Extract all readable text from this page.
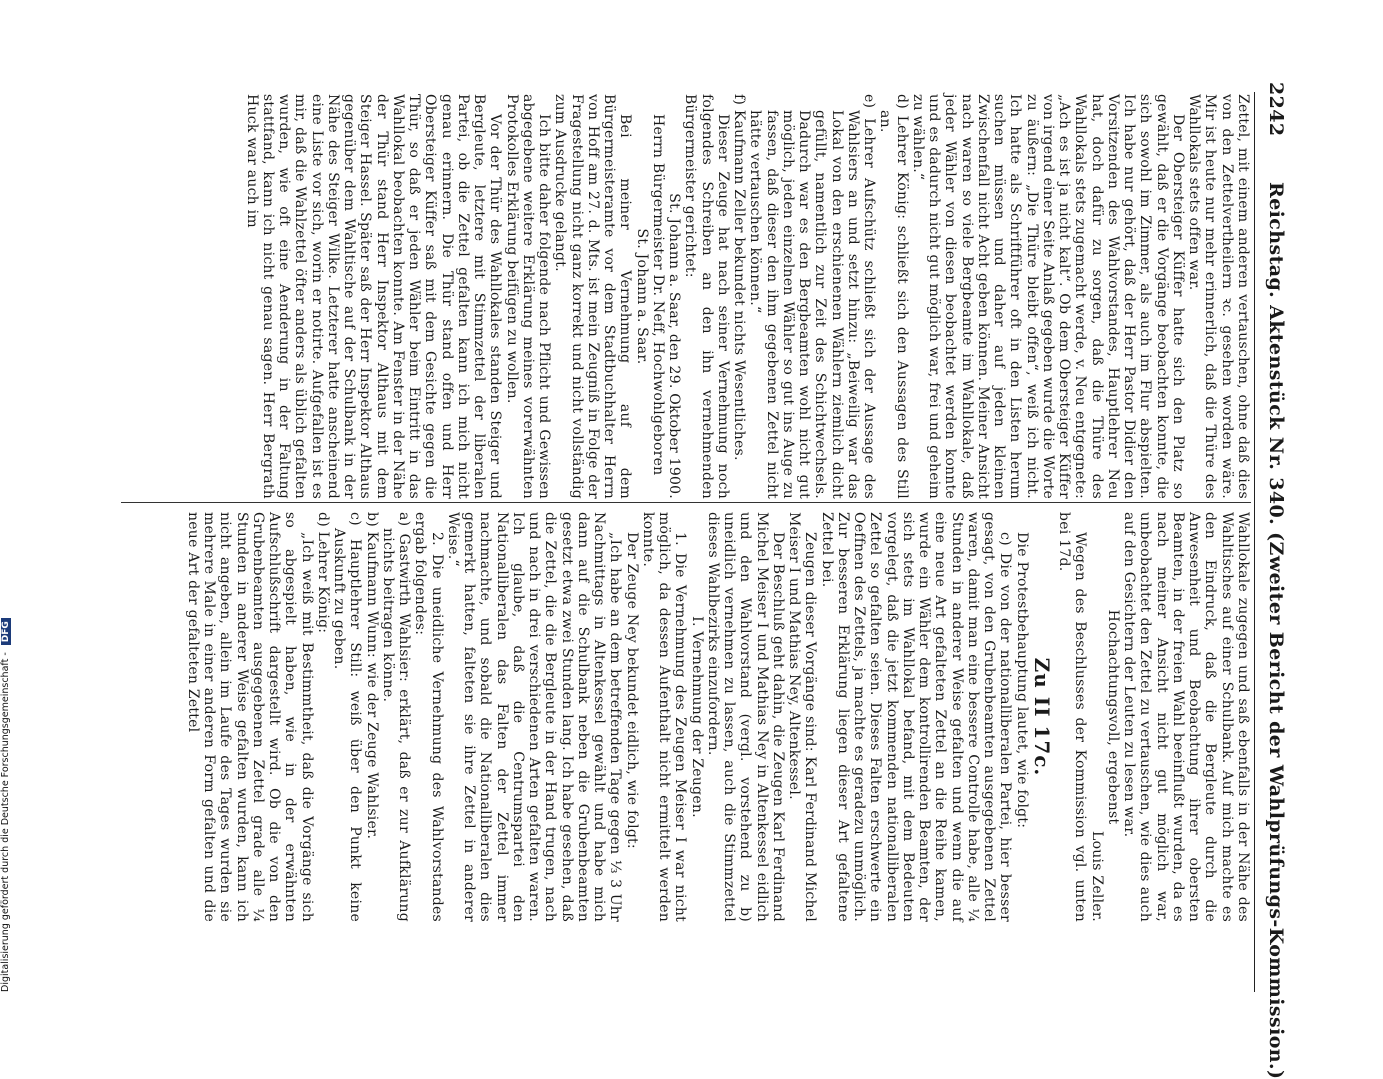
2242
Reichstag. Aktenstück Nr. 340. (Zweiter Bericht der Wahlprüfungs-Kommission.)

Zettel, mit einem anderen vertauschen, ohne daß dies von den Zettelvertheilern ꝛc. gesehen worden wäre. Mir ist heute nur mehr erinnerlich, daß die Thüre des Wahllokals stets offen war.

Der Obersteiger Küffer hatte sich den Platz so gewählt, daß er die Vorgänge beobachten konnte, die sich sowohl im Zimmer, als auch im Flur abspielten. Ich habe nur gehört, daß der Herr Pastor Didier den Vorsitzenden des Wahlvorstandes, Hauptlehrer Neu hat, doch dafür zu sorgen, daß die Thüre des Wahllokals stets zugemacht werde, v. Neu entgegnete: „Ach es ist ja nicht kalt“. Ob dem Obersteiger Küffer von irgend einer Seite Anlaß gegeben wurde die Worte zu äußern: „Die Thüre bleibt offen“, weiß ich nicht. Ich hatte als Schriftführer oft in den Listen herum suchen müssen und daher auf jeden kleinen Zwischenfall nicht Acht geben können. Meiner Ansicht nach waren so viele Bergbeamte im Wahllokale, daß jeder Wähler von diesen beobachtet werden konnte und es dadurch nicht gut möglich war, frei und geheim zu wählen.“

d) Lehrer König: schließt sich den Aussagen des Still an.

e) Lehrer Aufschütz schließt sich der Aussage des Wahlsiers an und setzt hinzu: „Beiweilig war das Lokal von den erschienenen Wählern ziemlich dicht gefüllt, namentlich zur Zeit des Schichtwechsels. Dadurch war es den Bergbeamten wohl nicht gut möglich, jeden einzelnen Wähler so gut ins Auge zu fassen, daß dieser den ihm gegebenen Zettel nicht hätte vertauschen können.“

f) Kaufmann Zeller bekundet nichts Wesentliches.

Dieser Zeuge hat nach seiner Vernehmung noch folgendes Schreiben an den ihn vernehmenden Bürgermeister gerichtet:

St. Johann a. Saar, den 29. Oktober 1900.

Herrn Bürgermeister Dr. Neff, Hochwohlgeboren

St. Johann a. Saar.

Bei meiner Vernehmung auf dem Bürgermeisteramte vor dem Stadtbuchhalter Herrn von Hoff am 27. d. Mts. ist mein Zeugniß in Folge der Fragestellung nicht ganz korrekt und nicht vollständig zum Ausdrucke gelangt.

Ich bitte daher folgende nach Pflicht und Gewissen abgegebene weitere Erklärung meines vorerwähnten Protokolles Erklärung beifügen zu wollen.

Vor der Thür des Wahllokales standen Steiger und Bergleute, letztere mit Stimmzettel der liberalen Partei, ob die Zettel gefalten kann ich mich nicht genau erinnern. Die Thür stand offen und Herr Obersteiger Küffer saß mit dem Gesichte gegen die Thür, so daß er jeden Wähler beim Eintritt in das Wahllokal beobachten konnte. Am Fenster in der Nähe der Thür stand Herr Inspektor Althaus mit dem Steiger Hassel. Später saß der Herr Inspektor Althaus gegenüber dem Wahltische auf der Schulbank in der Nähe des Steiger Wilke. Letzterer hatte anscheinend eine Liste vor sich, worin er notirte. Aufgefallen ist es mir, daß die Wahlzettel öfter anders als üblich gefalten wurden, wie oft eine Aenderung in der Faltung stattfand, kann ich nicht genau sagen. Herr Bergrath Huck war auch im

Wahllokale zugegen und saß ebenfalls in der Nähe des Wahltisches auf einer Schulbank. Auf mich machte es den Eindruck, daß die Bergleute durch die Anwesenheit und Beobachtung ihrer obersten Beamten, in der freien Wahl beeinflußt wurden, da es nach meiner Ansicht nicht gut möglich war, unbeobachtet den Zettel zu vertauschen, wie dies auch auf den Gesichtern der Leuten zu lesen war.

Hochachtungsvoll, ergebenst

Louis Zeller.

Wegen des Beschlusses der Kommission vgl. unten bei 17d.

Zu II 17c.

Die Protestbehauptung lautet, wie folgt:

c) Die von der nationalliberalen Partei, hier besser gesagt, von den Grubenbeamten ausgegebenen Zettel waren, damit man eine bessere Controlle habe, alle ¼ Stunden in anderer Weise gefalten und wenn die auf eine neue Art gefalteten Zettel an die Reihe kamen, wurde ein Wähler dem kontrollirenden Beamten, der sich stets im Wahllokal befand, mit dem Bedeuten vorgelegt, daß die jetzt kommenden nationalliberalen Zettel so gefalten seien. Dieses Falten erschwerte ein Oeffnen des Zettels, ja machte es geradezu unmöglich. Zur besseren Erklärung liegen dieser Art gefaltene Zettel bei.

Zeugen dieser Vorgänge sind: Karl Ferdinand Michel Meiser I und Mathias Ney, Altenkessel.

Der Beschluß geht dahin, die Zeugen Karl Ferdinand Michel Meiser I und Mathias Ney in Altenkessel eidlich und den Wahlvorstand (vergl. vorstehend zu b) uneidlich vernehmen zu lassen, auch die Stimmzettel dieses Wahlbezirks einzufordern.

I. Vernehmung der Zeugen.

1. Die Vernehmung des Zeugen Meiser I war nicht möglich, da dessen Aufenthalt nicht ermittelt werden konnte.

Der Zeuge Ney bekundet eidlich, wie folgt:

„Ich habe an dem betreffenden Tage gegen ⅓ 3 Uhr Nachmittags in Altenkessel gewählt und habe mich dann auf die Schulbank neben die Grubenbeamten gesetzt etwa zwei Stunden lang. Ich habe gesehen, daß die Zettel, die die Bergleute in der Hand trugen, nach und nach in drei verschiedenen Arten gefalten waren. Ich glaube, daß die Centrumspartei den Nationalliberalen das Falten der Zettel immer nachmachte, und sobald die Nationalliberalen dies gemerkt hatten, falteten sie ihre Zettel in anderer Weise.“

2. Die uneidliche Vernehmung des Wahlvorstandes ergab folgendes:

a) Gastwirth Wahlsier: erklärt, daß er zur Aufklärung nichts beitragen könne.

b) Kaufmann Wunn: wie der Zeuge Wahlsier.

c) Hauptlehrer Still: weiß über den Punkt keine Auskunft zu geben.

d) Lehrer König:

„Ich weiß mit Bestimmtheit, daß die Vorgänge sich so abgespielt haben, wie in der erwähnten Aufschlußschrift dargestellt wird. Ob die von den Grubenbeamten ausgegebenen Zettel grade alle ¼ Stunden in anderer Weise gefalten wurden, kann ich nicht angeben, allein im Laufe des Tages wurden sie mehrere Male in einer anderen Form gefalten und die neue Art der gefalteten Zettel

Digitalisierung gefördert durch die Deutsche Forschungsgemeinschaft - DFG
